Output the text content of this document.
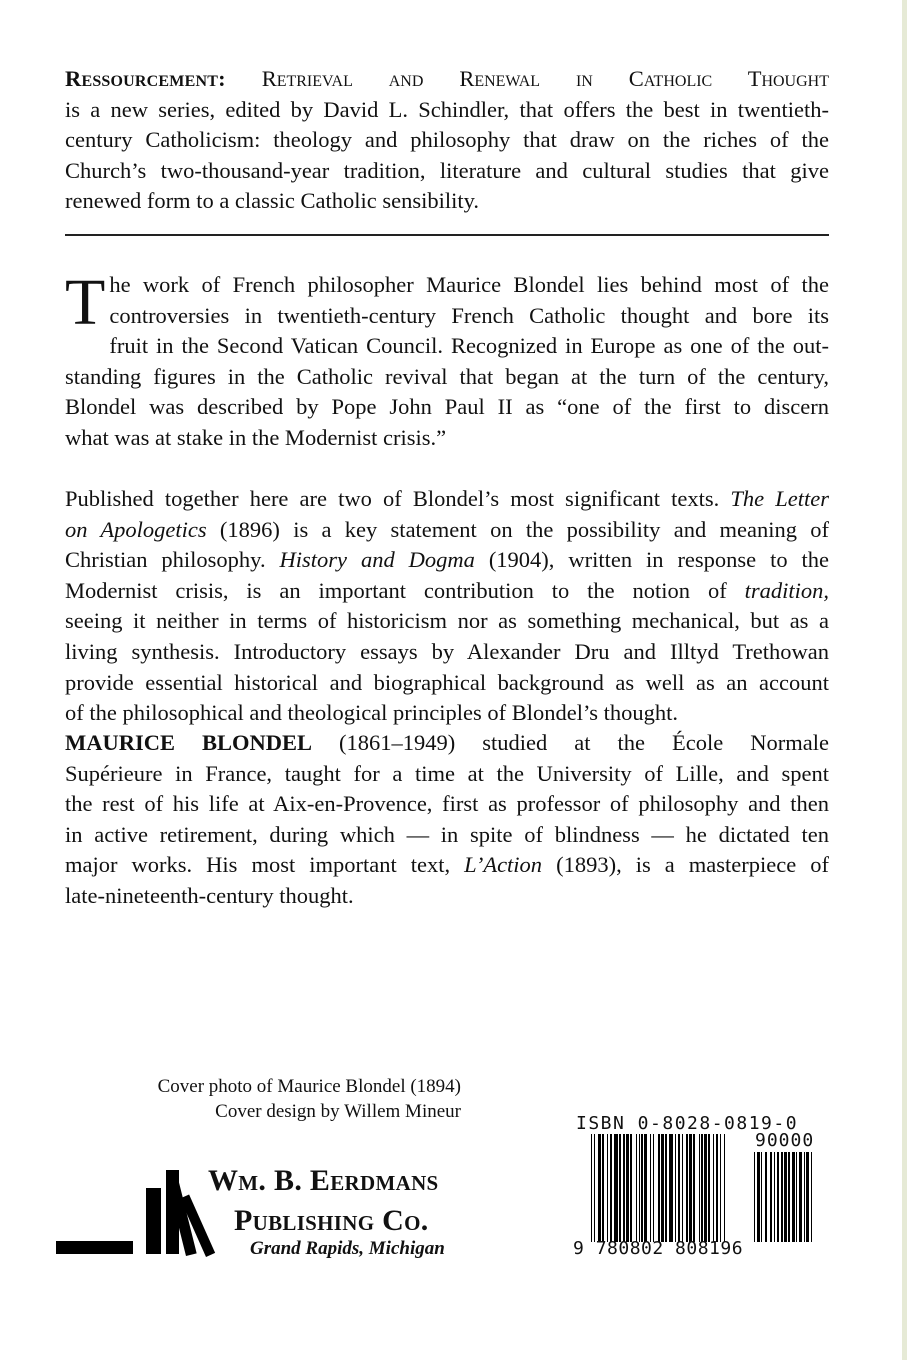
Ressourcement: Retrieval and Renewal in Catholic Thought
is a new series, edited by David L. Schindler, that offers the best in twentieth-
century Catholicism: theology and philosophy that draw on the riches of the
Church’s two-thousand-year tradition, literature and cultural studies that give
renewed form to a classic Catholic sensibility.
T he work of French philosopher Maurice Blondel lies behind most of the
controversies in twentieth-century French Catholic thought and bore its
fruit in the Second Vatican Council. Recognized in Europe as one of the out-
standing figures in the Catholic revival that began at the turn of the century,
Blondel was described by Pope John Paul II as “one of the first to discern
what was at stake in the Modernist crisis.”
Published together here are two of Blondel’s most significant texts. The Letter
on Apologetics (1896) is a key statement on the possibility and meaning of
Christian philosophy. History and Dogma (1904), written in response to the
Modernist crisis, is an important contribution to the notion of tradition,
seeing it neither in terms of historicism nor as something mechanical, but as a
living synthesis. Introductory essays by Alexander Dru and Illtyd Trethowan
provide essential historical and biographical background as well as an account
of the philosophical and theological principles of Blondel’s thought.
MAURICE BLONDEL (1861–1949) studied at the École Normale
Supérieure in France, taught for a time at the University of Lille, and spent
the rest of his life at Aix-en-Provence, first as professor of philosophy and then
in active retirement, during which — in spite of blindness — he dictated ten
major works. His most important text, L’Action (1893), is a masterpiece of
late-nineteenth-century thought.
Cover photo of Maurice Blondel (1894)
Cover design by Willem Mineur
Wm. B. Eerdmans
Publishing Co.
Grand Rapids, Michigan
ISBN 0-8028-0819-0
90000
9 780802 808196
